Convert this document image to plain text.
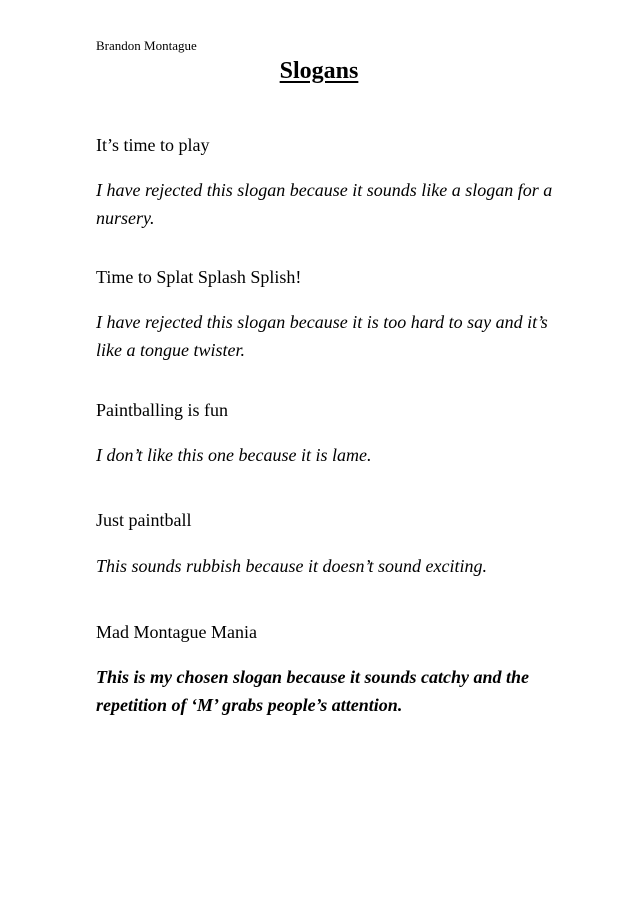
Brandon Montague

Slogans

It’s time to play

I have rejected this slogan because it sounds like a slogan for a nursery.

Time to Splat Splash Splish!

I have rejected this slogan because it is too hard to say and it’s like a tongue twister.

Paintballing is fun

I don’t like this one because it is lame.

Just paintball

This sounds rubbish because it doesn’t sound exciting.

Mad Montague Mania

This is my chosen slogan because it sounds catchy and the repetition of ‘M’ grabs people’s attention.
